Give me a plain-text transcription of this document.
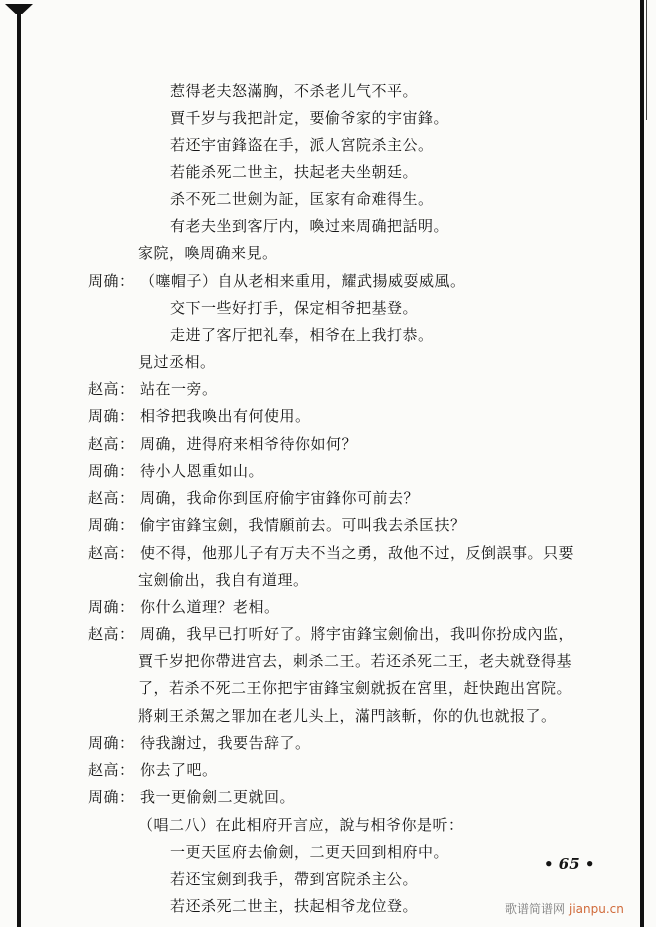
惹得老夫怒滿胸，不杀老儿气不平。
賈千岁与我把計定，要偷爷家的宇宙鋒。
若还宇宙鋒盗在手，派人宮院杀主公。
若能杀死二世主，扶起老夫坐朝廷。
杀不死二世劍为証，匡家有命难得生。
有老夫坐到客厅内，喚过来周确把話明。
家院，喚周确来見。
周确： （噻帽子）自从老相来重用，耀武揚威耍威風。
交下一些好打手，保定相爷把基登。
走进了客厅把礼奉，相爷在上我打恭。
見过丞相。
赵高： 站在一旁。
周确： 相爷把我喚出有何使用。
赵高： 周确，进得府来相爷待你如何？
周确： 待小人恩重如山。
赵高： 周确，我命你到匡府偷宇宙鋒你可前去？
周确： 偷宇宙鋒宝劍，我情願前去。可叫我去杀匡扶？
赵高： 使不得，他那儿子有万夫不当之勇，敌他不过，反倒誤事。只要
宝劍偷出，我自有道理。
周确： 你什么道理？老相。
赵高： 周确，我早已打听好了。將宇宙鋒宝劍偷出，我叫你扮成內监，
賈千岁把你帶进宫去，刺杀二王。若还杀死二王，老夫就登得基
了，若杀不死二王你把宇宙鋒宝劍就扳在宮里，赶快跑出宮院。
將刺王杀駕之罪加在老儿头上，滿門該斬，你的仇也就报了。
周确： 待我謝过，我要告辞了。
赵高： 你去了吧。
周确： 我一更偷劍二更就回。
（唱二八）在此相府开言应，說与相爷你是听：
一更天匡府去偷劍，二更天回到相府中。
若还宝劍到我手，帶到宮院杀主公。
若还杀死二世主，扶起相爷龙位登。
• 65 •
歌谱简谱网 jianpu.cn
